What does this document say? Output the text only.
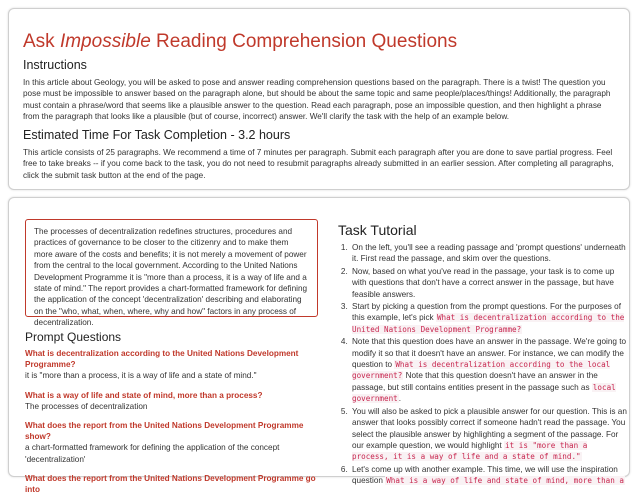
Ask Impossible Reading Comprehension Questions
Instructions

In this article about Geology, you will be asked to pose and answer reading comprehension questions based on the paragraph. There is a twist! The question you pose must be impossible to answer based on the paragraph alone, but should be about the same topic and same people/places/things! Additionally, the paragraph must contain a phrase/word that seems like a plausible answer to the question. Read each paragraph, pose an impossible question, and then highlight a phrase from the paragraph that looks like a plausible (but of course, incorrect) answer. We'll clarify the task with the help of an example below.

Estimated Time For Task Completion - 3.2 hours

This article consists of 25 paragraphs. We recommend a time of 7 minutes per paragraph. Submit each paragraph after you are done to save partial progress. Feel free to take breaks -- if you come back to the task, you do not need to resubmit paragraphs already submitted in an earlier session. After completing all paragraphs, click the submit task button at the end of the page.

The processes of decentralization redefines structures, procedures and practices of governance to be closer to the citizenry and to make them more aware of the costs and benefits; it is not merely a movement of power from the central to the local government. According to the United Nations Development Programme it is "more than a process, it is a way of life and a state of mind." The report provides a chart-formatted framework for defining the application of the concept 'decentralization' describing and elaborating on the "who, what, when, where, why and how" factors in any process of decentralization.
Prompt Questions

What is decentralization according to the United Nations Development Programme?

it is "more than a process, it is a way of life and a state of mind."

What is a way of life and state of mind, more than a process?

The processes of decentralization

What does the report from the United Nations Development Programme show?

a chart-formatted framework for defining the application of the concept 'decentralization'

What does the report from the United Nations Development Programme go into

Task Tutorial
1. On the left, you'll see a reading passage and 'prompt questions' underneath it. First read the passage, and skim over the questions.
2. Now, based on what you've read in the passage, your task is to come up with questions that don't have a correct answer in the passage, but have feasible answers.
3. Start by picking a question from the prompt questions. For the purposes of this example, let's pick What is decentralization according to the United Nations Development Programme?
4. Note that this question does have an answer in the passage. We're going to modify it so that it doesn't have an answer. For instance, we can modify the question to What is decentralization according to the local government? Note that this question doesn't have an answer in the passage, but still contains entities present in the passage such as local government.
5. You will also be asked to pick a plausible answer for our question. This is an answer that looks possibly correct if someone hadn't read the passage. You select the plausible answer by highlighting a segment of the passage. For our example question, we would highlight it is "more than a process, it is a way of life and a state of mind."
6. Let's come up with another example. This time, we will use the inspiration question What is a way of life and state of mind, more than a
